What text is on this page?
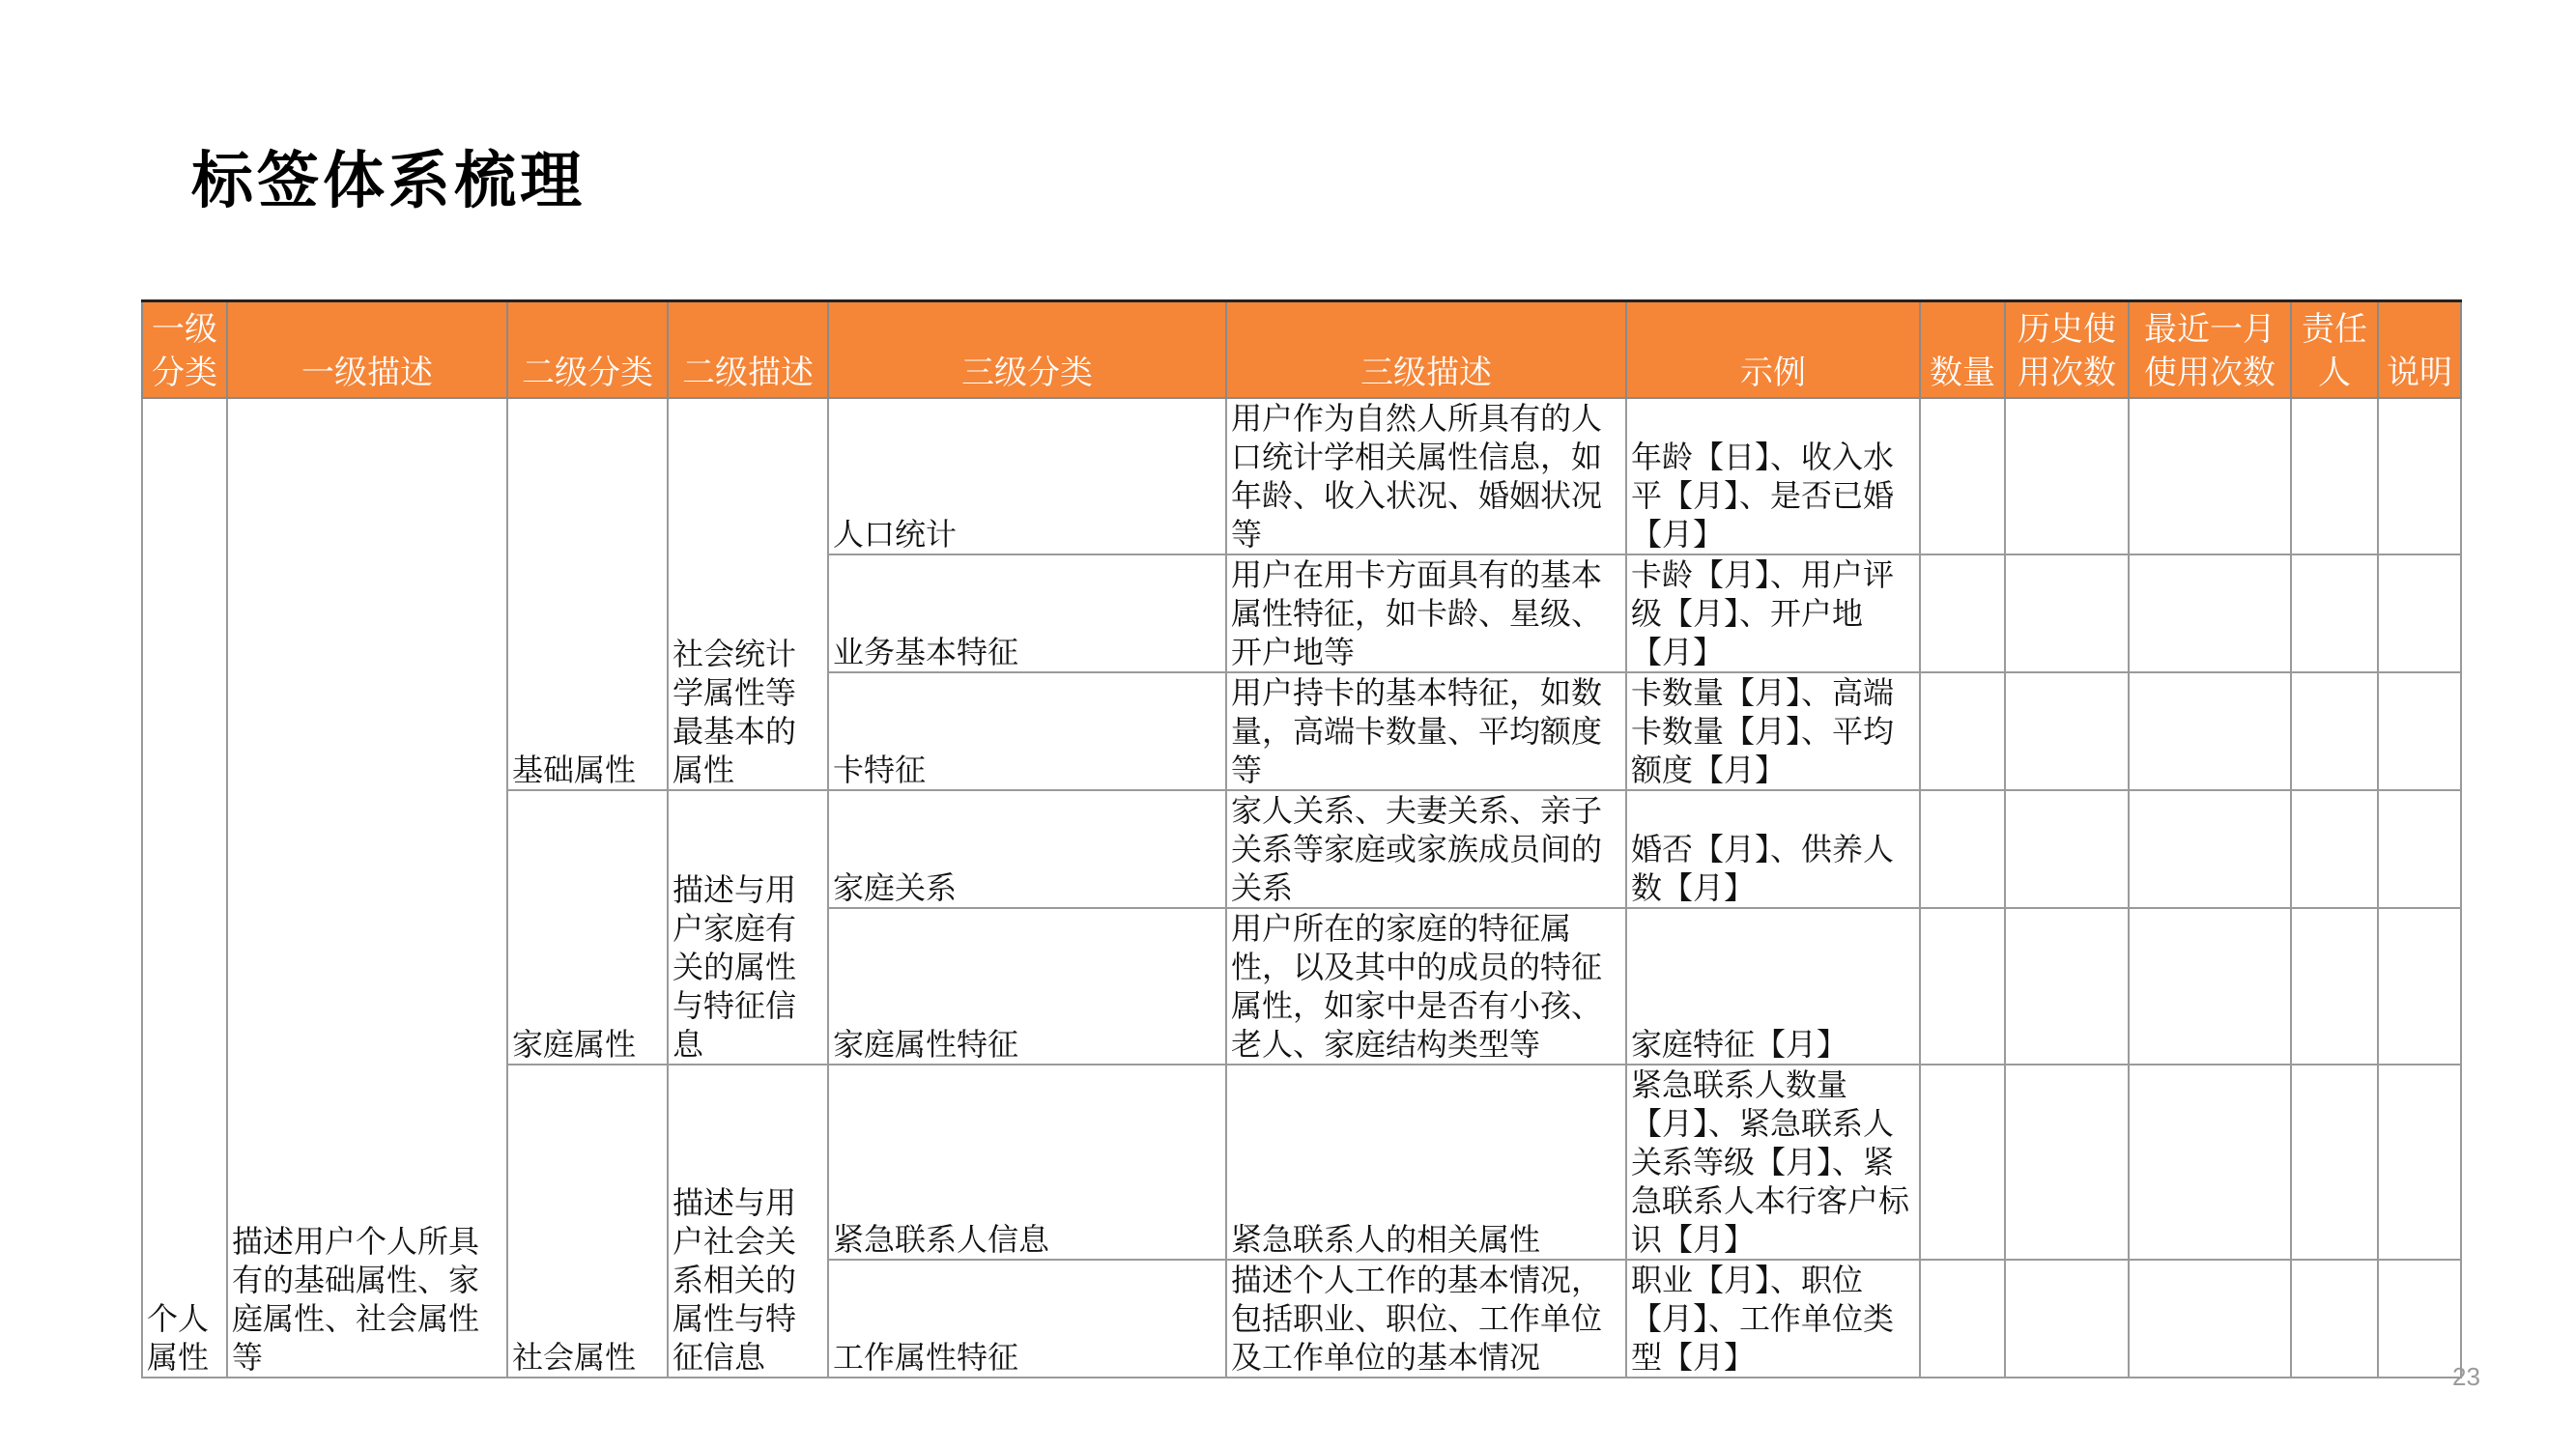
标签体系梳理
一级分类	一级描述	二级分类	二级描述	三级分类	三级描述	示例	数量	历史使用次数	最近一月使用次数	责任人	说明
个人属性	描述用户个人所具有的基础属性、家庭属性、社会属性等	基础属性	社会统计学属性等最基本的属性	人口统计	用户作为自然人所具有的人口统计学相关属性信息，如年龄、收入状况、婚姻状况等	年龄【日】、收入水平【月】、是否已婚【月】					
				业务基本特征	用户在用卡方面具有的基本属性特征，如卡龄、星级、开户地等	卡龄【月】、用户评级【月】、开户地【月】					
				卡特征	用户持卡的基本特征，如数量，高端卡数量、平均额度等	卡数量【月】、高端卡数量【月】、平均额度【月】					
		家庭属性	描述与用户家庭有关的属性与特征信息	家庭关系	家人关系、夫妻关系、亲子关系等家庭或家族成员间的关系	婚否【月】、供养人数【月】					
				家庭属性特征	用户所在的家庭的特征属性，以及其中的成员的特征属性，如家中是否有小孩、老人、家庭结构类型等	家庭特征【月】					
		社会属性	描述与用户社会关系相关的属性与特征信息	紧急联系人信息	紧急联系人的相关属性	紧急联系人数量【月】、紧急联系人关系等级【月】、紧急联系人本行客户标识【月】					
				工作属性特征	描述个人工作的基本情况，包括职业、职位、工作单位及工作单位的基本情况	职业【月】、职位【月】、工作单位类型【月】					
23
